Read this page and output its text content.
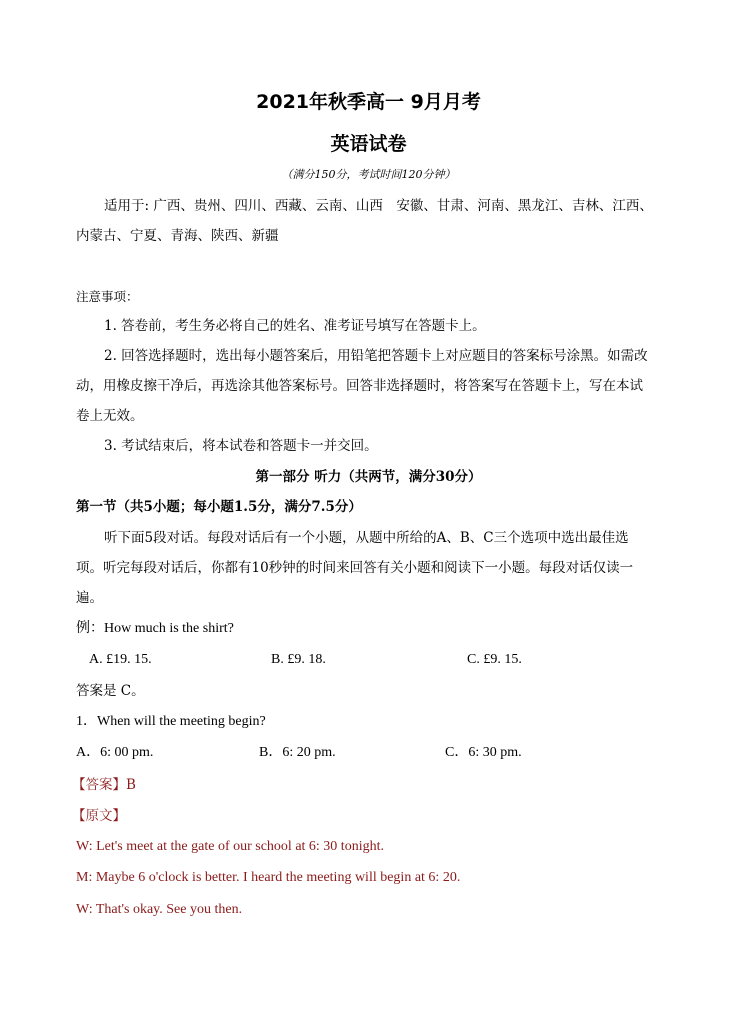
2021年秋季高一 9月月考
英语试卷
（满分150分，考试时间120分钟）
适用于: 广西、贵州、四川、西藏、云南、山西　安徽、甘肃、河南、黑龙江、吉林、江西、
内蒙古、宁夏、青海、陕西、新疆
注意事项：
1. 答卷前，考生务必将自己的姓名、准考证号填写在答题卡上。
2. 回答选择题时，选出每小题答案后，用铅笔把答题卡上对应题目的答案标号涂黑。如需改
动，用橡皮擦干净后，再选涂其他答案标号。回答非选择题时，将答案写在答题卡上，写在本试
卷上无效。
3. 考试结束后，将本试卷和答题卡一并交回。
第一部分 听力（共两节，满分30分）
第一节（共5小题；每小题1.5分，满分7.5分）
听下面5段对话。每段对话后有一个小题，从题中所给的A、B、C三个选项中选出最佳选
项。听完每段对话后，你都有10秒钟的时间来回答有关小题和阅读下一小题。每段对话仅读一
遍。
例：How much is the shirt?
A. £19. 15.	B. £9. 18.	C. £9. 15.
答案是 C。
1．When will the meeting begin?
A．6: 00 pm.	B．6: 20 pm.	C．6: 30 pm.
【答案】B
【原文】
W: Let's meet at the gate of our school at 6: 30 tonight.
M: Maybe 6 o'clock is better. I heard the meeting will begin at 6: 20.
W: That's okay. See you then.
